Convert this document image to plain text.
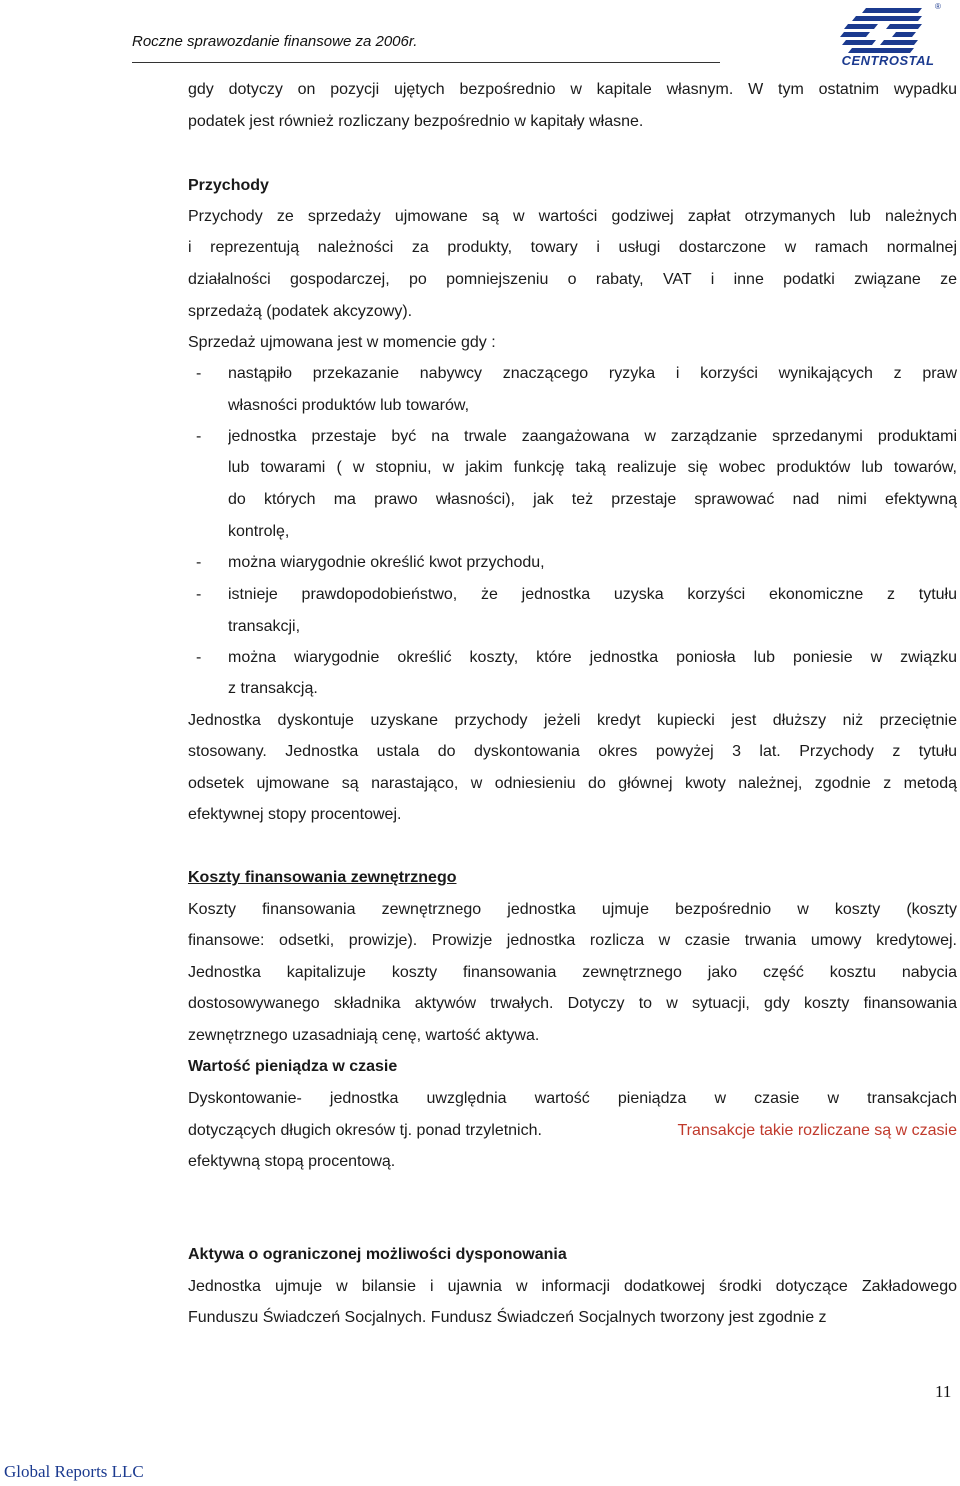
Roczne sprawozdanie finansowe za 2006r.
CENTROSTAL
®
gdy dotyczy on pozycji ujętych bezpośrednio w kapitale własnym. W tym ostatnim wypadku
podatek jest również rozliczany bezpośrednio w kapitały własne.
Przychody
Przychody ze sprzedaży ujmowane są w wartości godziwej zapłat otrzymanych lub należnych
i reprezentują należności za produkty, towary i usługi dostarczone w ramach normalnej
działalności gospodarczej, po pomniejszeniu o rabaty, VAT i inne podatki związane ze
sprzedażą (podatek akcyzowy).
Sprzedaż ujmowana jest w momencie gdy :
- nastąpiło przekazanie nabywcy znaczącego ryzyka i korzyści wynikających z praw
własności produktów lub towarów,
- jednostka przestaje być na trwale zaangażowana w zarządzanie sprzedanymi produktami
lub towarami ( w stopniu, w jakim funkcję taką realizuje się wobec produktów lub towarów,
do których ma prawo własności), jak też przestaje sprawować nad nimi efektywną
kontrolę,
- można wiarygodnie określić kwot przychodu,
- istnieje prawdopodobieństwo, że jednostka uzyska korzyści ekonomiczne z tytułu
transakcji,
- można wiarygodnie określić koszty, które jednostka poniosła lub poniesie w związku
z transakcją.
Jednostka dyskontuje uzyskane przychody jeżeli kredyt kupiecki jest dłuższy niż przeciętnie
stosowany. Jednostka ustala do dyskontowania okres powyżej 3 lat. Przychody z tytułu
odsetek ujmowane są narastająco, w odniesieniu do głównej kwoty należnej, zgodnie z metodą
efektywnej stopy procentowej.
Koszty finansowania zewnętrznego
Koszty finansowania zewnętrznego jednostka ujmuje bezpośrednio w koszty (koszty
finansowe: odsetki, prowizje). Prowizje jednostka rozlicza w czasie trwania umowy kredytowej.
Jednostka kapitalizuje koszty finansowania zewnętrznego jako część kosztu nabycia
dostosowywanego składnika aktywów trwałych. Dotyczy to w sytuacji, gdy koszty finansowania
zewnętrznego uzasadniają cenę, wartość aktywa.
Wartość pieniądza w czasie
Dyskontowanie- jednostka uwzględnia wartość pieniądza w czasie w transakcjach
dotyczących długich okresów tj. ponad trzyletnich.	Transakcje takie rozliczane są w czasie
efektywną stopą procentową.
Aktywa o ograniczonej możliwości dysponowania
Jednostka ujmuje w bilansie i ujawnia w informacji dodatkowej środki dotyczące Zakładowego
Funduszu Świadczeń Socjalnych. Fundusz Świadczeń Socjalnych tworzony jest zgodnie z
11
Global Reports LLC
